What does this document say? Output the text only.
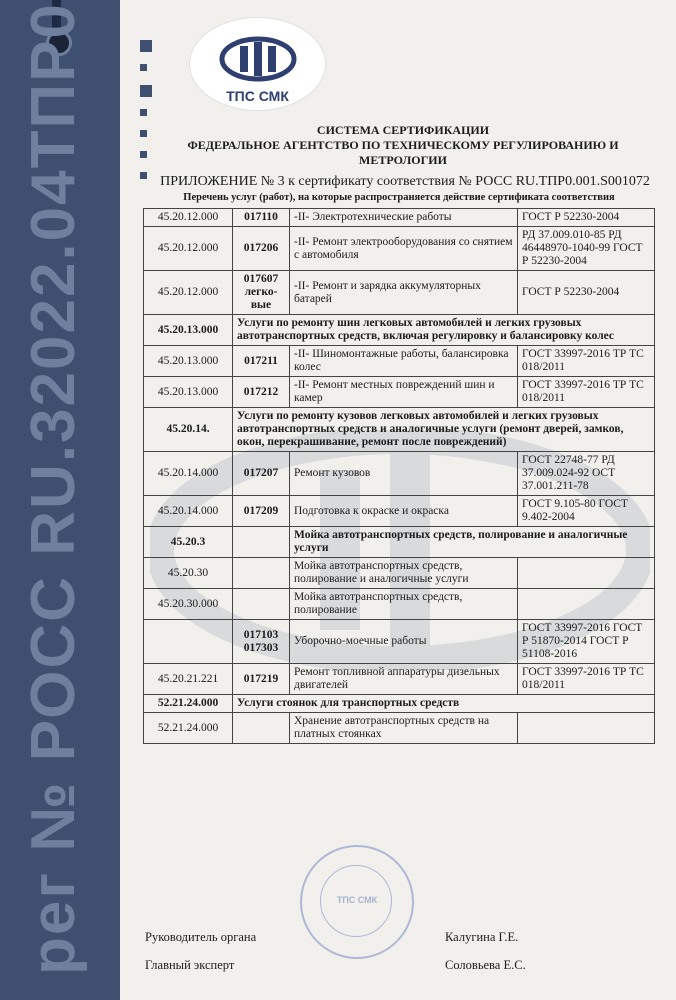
рег № РОСС RU.32022.04ТПР0	ТПС СМК
СИСТЕМА СЕРТИФИКАЦИИ
ФЕДЕРАЛЬНОЕ АГЕНТСТВО ПО ТЕХНИЧЕСКОМУ РЕГУЛИРОВАНИЮ И
МЕТРОЛОГИИ
ПРИЛОЖЕНИЕ № 3 к сертификату соответствия № РОСС RU.ТПР0.001.S001072
Перечень услуг (работ), на которые распространяется действие сертификата соответствия
45.20.12.000	017110	-II- Электротехнические работы	ГОСТ Р 52230-2004
45.20.12.000	017206	-II- Ремонт электрооборудования со снятием с автомобиля	РД 37.009.010-85 РД 46448970-1040-99 ГОСТ Р 52230-2004
45.20.12.000	017607 легко-вые	-II- Ремонт и зарядка аккумуляторных батарей	ГОСТ Р 52230-2004
45.20.13.000	Услуги по ремонту шин легковых автомобилей и легких грузовых автотранспортных средств, включая регулировку и балансировку колес		
45.20.13.000	017211	-II- Шиномонтажные работы, балансировка колес	ГОСТ 33997-2016 ТР ТС 018/2011
45.20.13.000	017212	-II- Ремонт местных повреждений шин и камер	ГОСТ 33997-2016 ТР ТС 018/2011
45.20.14.	Услуги по ремонту кузовов легковых автомобилей и легких грузовых автотранспортных средств и аналогичные услуги (ремонт дверей, замков, окон, перекрашивание, ремонт после повреждений)		
45.20.14.000	017207	Ремонт кузовов	ГОСТ 22748-77 РД 37.009.024-92 ОСТ 37.001.211-78
45.20.14.000	017209	Подготовка к окраске и окраска	ГОСТ 9.105-80 ГОСТ 9.402-2004
45.20.3		Мойка автотранспортных средств, полирование и аналогичные услуги	
45.20.30		Мойка автотранспортных средств, полирование и аналогичные услуги	
45.20.30.000		Мойка автотранспортных средств, полирование	
	017103 017303	Уборочно-моечные работы	ГОСТ 33997-2016 ГОСТ Р 51870-2014 ГОСТ Р 51108-2016
45.20.21.221	017219	Ремонт топливной аппаратуры дизельных двигателей	ГОСТ 33997-2016 ТР ТС 018/2011
52.21.24.000	Услуги стоянок для транспортных средств		
52.21.24.000		Хранение автотранспортных средств на платных стоянках	
ТПС СМК
Руководитель органа	Калугина Г.Е.
Главный эксперт	Соловьева Е.С.
